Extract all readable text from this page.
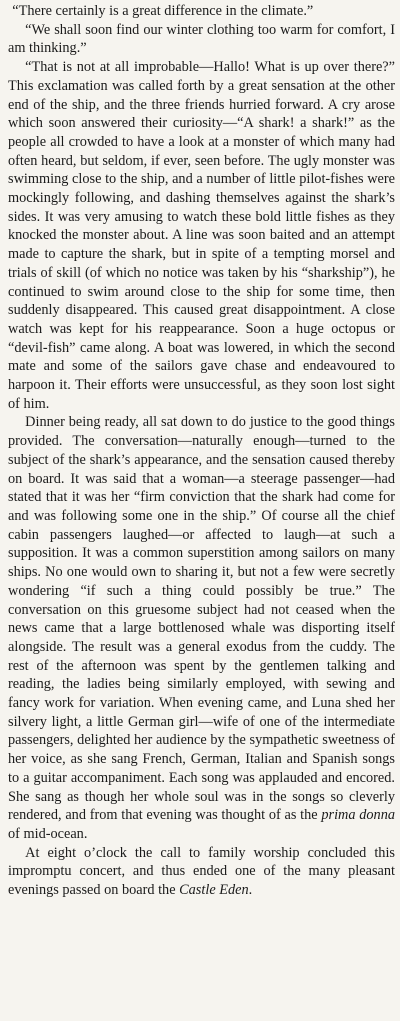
“There certainly is a great difference in the climate.”

“We shall soon find our winter clothing too warm for comfort, I am thinking.”

“That is not at all improbable—Hallo! What is up over there?” This exclamation was called forth by a great sensation at the other end of the ship, and the three friends hurried forward. A cry arose which soon answered their curiosity—“A shark! a shark!” as the people all crowded to have a look at a monster of which many had often heard, but seldom, if ever, seen before. The ugly monster was swimming close to the ship, and a number of little pilot-fishes were mockingly following, and dashing themselves against the shark’s sides. It was very amusing to watch these bold little fishes as they knocked the monster about. A line was soon baited and an attempt made to capture the shark, but in spite of a tempting morsel and trials of skill (of which no notice was taken by his “sharkship”), he continued to swim around close to the ship for some time, then suddenly disappeared. This caused great disappointment. A close watch was kept for his reappearance. Soon a huge octopus or “devil-fish” came along. A boat was lowered, in which the second mate and some of the sailors gave chase and endeavoured to harpoon it. Their efforts were unsuccessful, as they soon lost sight of him.

Dinner being ready, all sat down to do justice to the good things provided. The conversation—naturally enough—turned to the subject of the shark’s appearance, and the sensation caused thereby on board. It was said that a woman—a steerage passenger—had stated that it was her “firm conviction that the shark had come for and was following some one in the ship.” Of course all the chief cabin passengers laughed—or affected to laugh—at such a supposition. It was a common superstition among sailors on many ships. No one would own to sharing it, but not a few were secretly wondering “if such a thing could possibly be true.” The conversation on this gruesome subject had not ceased when the news came that a large bottlenosed whale was disporting itself alongside. The result was a general exodus from the cuddy. The rest of the afternoon was spent by the gentlemen talking and reading, the ladies being similarly employed, with sewing and fancy work for variation. When evening came, and Luna shed her silvery light, a little German girl—wife of one of the intermediate passengers, delighted her audience by the sympathetic sweetness of her voice, as she sang French, German, Italian and Spanish songs to a guitar accompaniment. Each song was applauded and encored. She sang as though her whole soul was in the songs so cleverly rendered, and from that evening was thought of as the prima donna of mid-ocean.

At eight o’clock the call to family worship concluded this impromptu concert, and thus ended one of the many pleasant evenings passed on board the Castle Eden.
